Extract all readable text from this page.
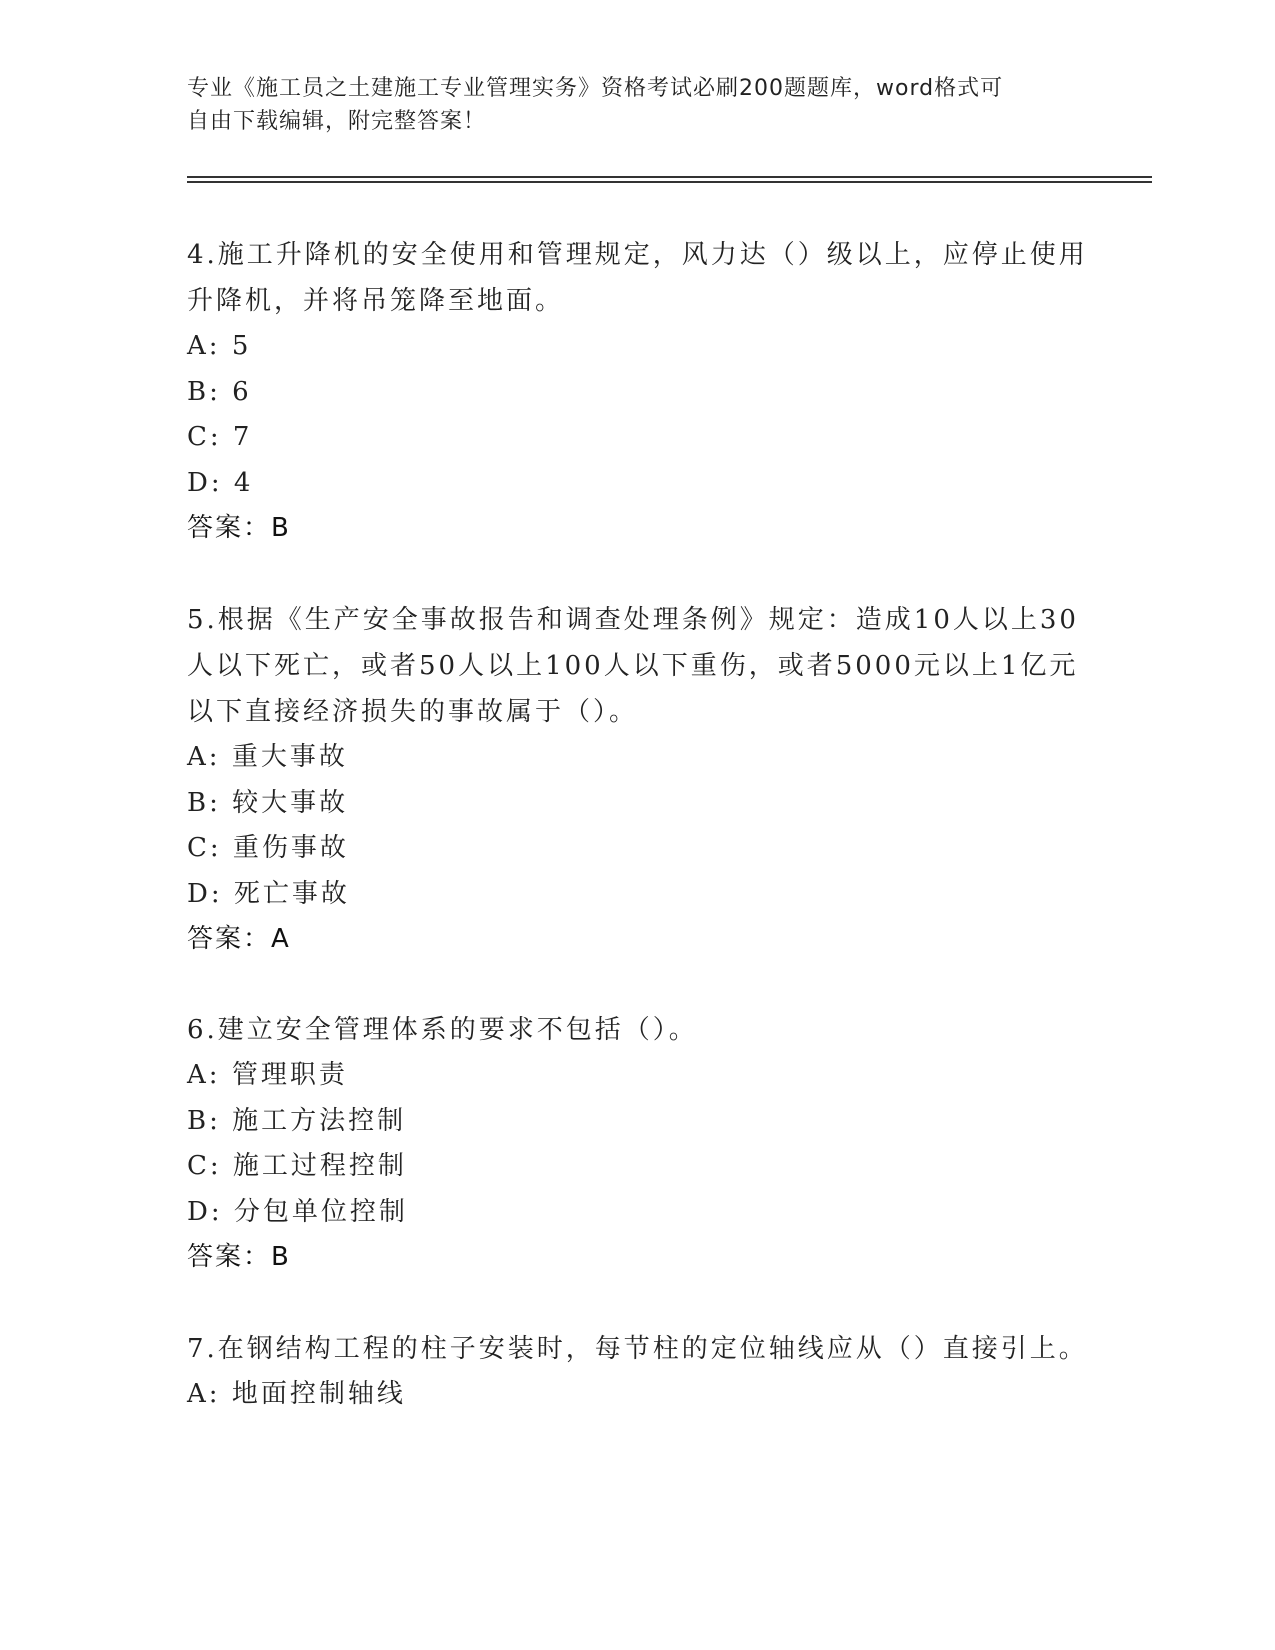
专业《施工员之土建施工专业管理实务》资格考试必刷200题题库，word格式可
自由下载编辑，附完整答案！

4.施工升降机的安全使用和管理规定，风力达（）级以上，应停止使用升降机，并将吊笼降至地面。

A: 5

B: 6

C: 7

D: 4

答案：B

5.根据《生产安全事故报告和调查处理条例》规定：造成10人以上30人以下死亡，或者50人以上100人以下重伤，或者5000元以上1亿元以下直接经济损失的事故属于（）。

A: 重大事故

B: 较大事故

C: 重伤事故

D: 死亡事故

答案：A

6.建立安全管理体系的要求不包括（）。

A: 管理职责

B: 施工方法控制

C: 施工过程控制

D: 分包单位控制

答案：B

7.在钢结构工程的柱子安装时，每节柱的定位轴线应从（）直接引上。

A: 地面控制轴线
